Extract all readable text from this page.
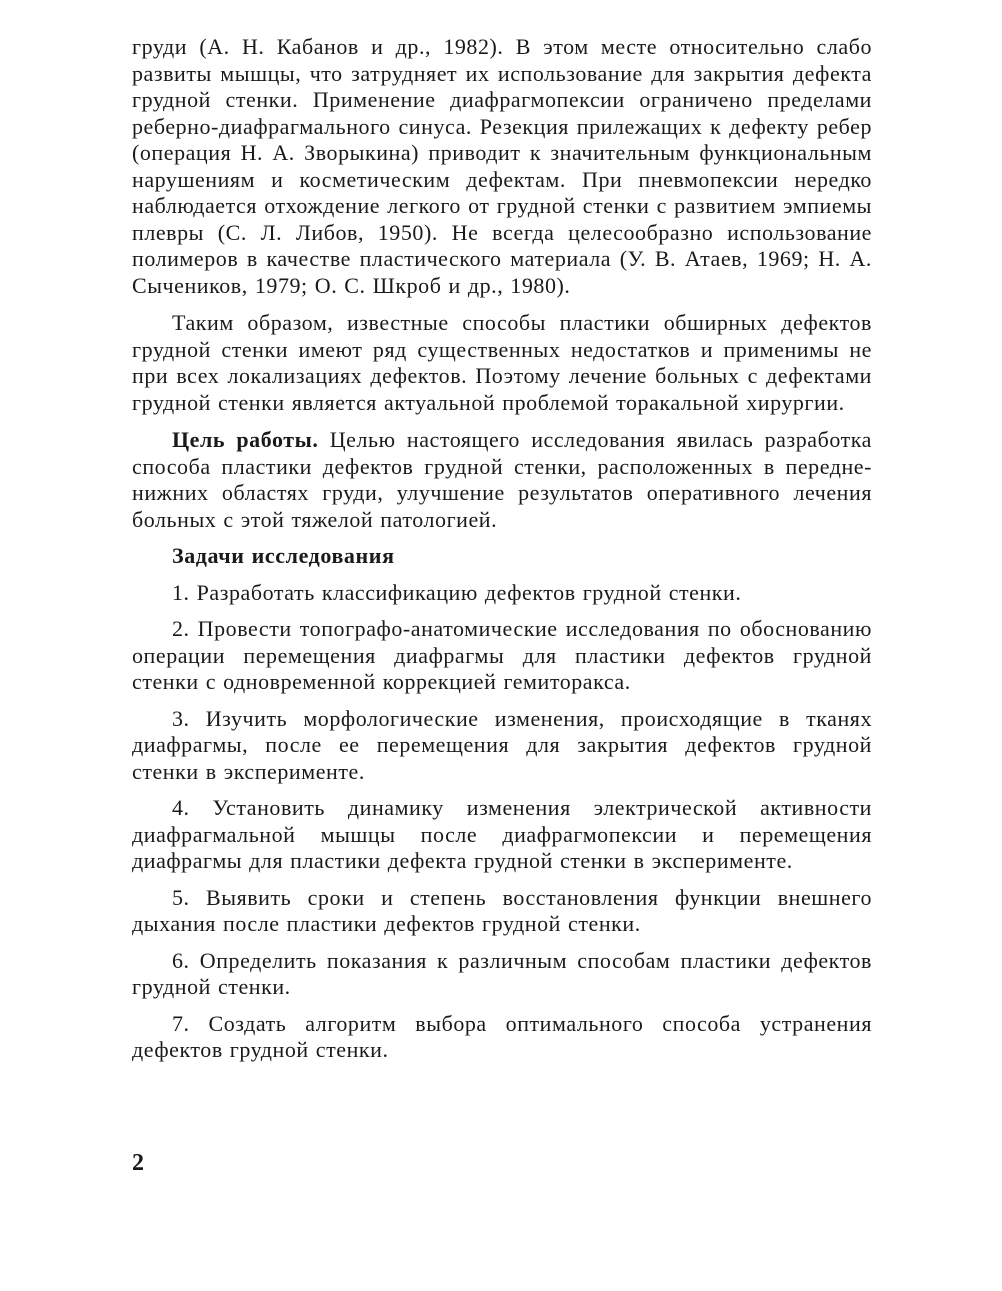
груди (А. Н. Кабанов и др., 1982). В этом месте относительно слабо развиты мышцы, что затрудняет их использование для закрытия дефекта грудной стенки. Применение диафрагмопексии ограничено пределами реберно-диафрагмального синуса. Резекция прилежащих к дефекту ребер (операция Н. А. Зворыкина) приводит к значительным функциональным нарушениям и косметическим дефектам. При пневмопексии нередко наблюдается отхождение легкого от грудной стенки с развитием эмпиемы плевры (С. Л. Либов, 1950). Не всегда целесообразно использование полимеров в качестве пластического материала (У. В. Атаев, 1969; Н. А. Сычеников, 1979; О. С. Шкроб и др., 1980).

Таким образом, известные способы пластики обширных дефектов грудной стенки имеют ряд существенных недостатков и применимы не при всех локализациях дефектов. Поэтому лечение больных с дефектами грудной стенки является актуальной проблемой торакальной хирургии.

Цель работы. Целью настоящего исследования явилась разработка способа пластики дефектов грудной стенки, расположенных в передне-нижних областях груди, улучшение результатов оперативного лечения больных с этой тяжелой патологией.

Задачи исследования

1. Разработать классификацию дефектов грудной стенки.

2. Провести топографо-анатомические исследования по обоснованию операции перемещения диафрагмы для пластики дефектов грудной стенки с одновременной коррекцией гемиторакса.

3. Изучить морфологические изменения, происходящие в тканях диафрагмы, после ее перемещения для закрытия дефектов грудной стенки в эксперименте.

4. Установить динамику изменения электрической активности диафрагмальной мышцы после диафрагмопексии и перемещения диафрагмы для пластики дефекта грудной стенки в эксперименте.

5. Выявить сроки и степень восстановления функции внешнего дыхания после пластики дефектов грудной стенки.

6. Определить показания к различным способам пластики дефектов грудной стенки.

7. Создать алгоритм выбора оптимального способа устранения дефектов грудной стенки.

2
